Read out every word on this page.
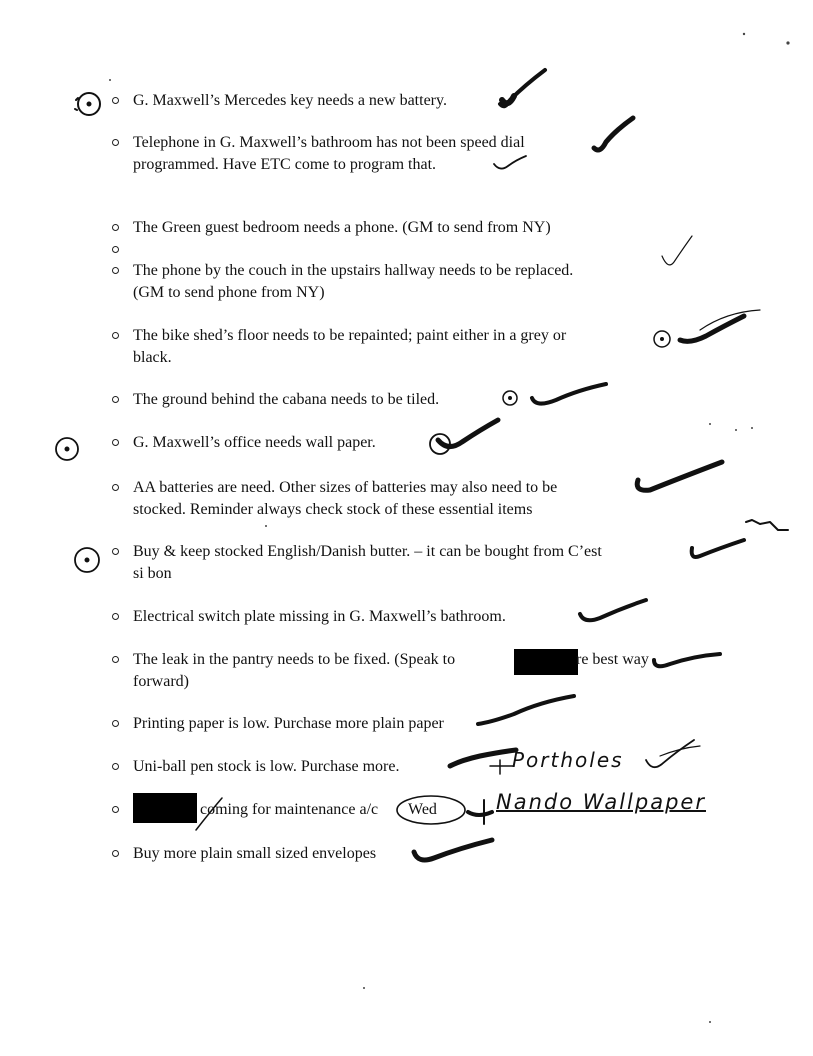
G. Maxwell’s Mercedes key needs a new battery.
Telephone in G. Maxwell’s bathroom has not been speed dial
programmed. Have ETC come to program that.
The Green guest bedroom needs a phone. (GM to send from NY)
The phone by the couch in the upstairs hallway needs to be replaced.
(GM to send phone from NY)
The bike shed’s floor needs to be repainted; paint either in a grey or
black.
The ground behind the cabana needs to be tiled.
G. Maxwell’s office needs wall paper.
AA batteries are need. Other sizes of batteries may also need to be
stocked. Reminder always check stock of these essential items
Buy & keep stocked English/Danish butter. – it can be bought from C’est
si bon
Electrical switch plate missing in G. Maxwell’s bathroom.
The leak in the pantry needs to be fixed. (Speak to	re best way
forward)
Printing paper is low. Purchase more plain paper
Uni-ball pen stock is low. Purchase more.
coming for maintenance a/c Wed
Buy more plain small sized envelopes
Portholes
Nando Wallpaper
